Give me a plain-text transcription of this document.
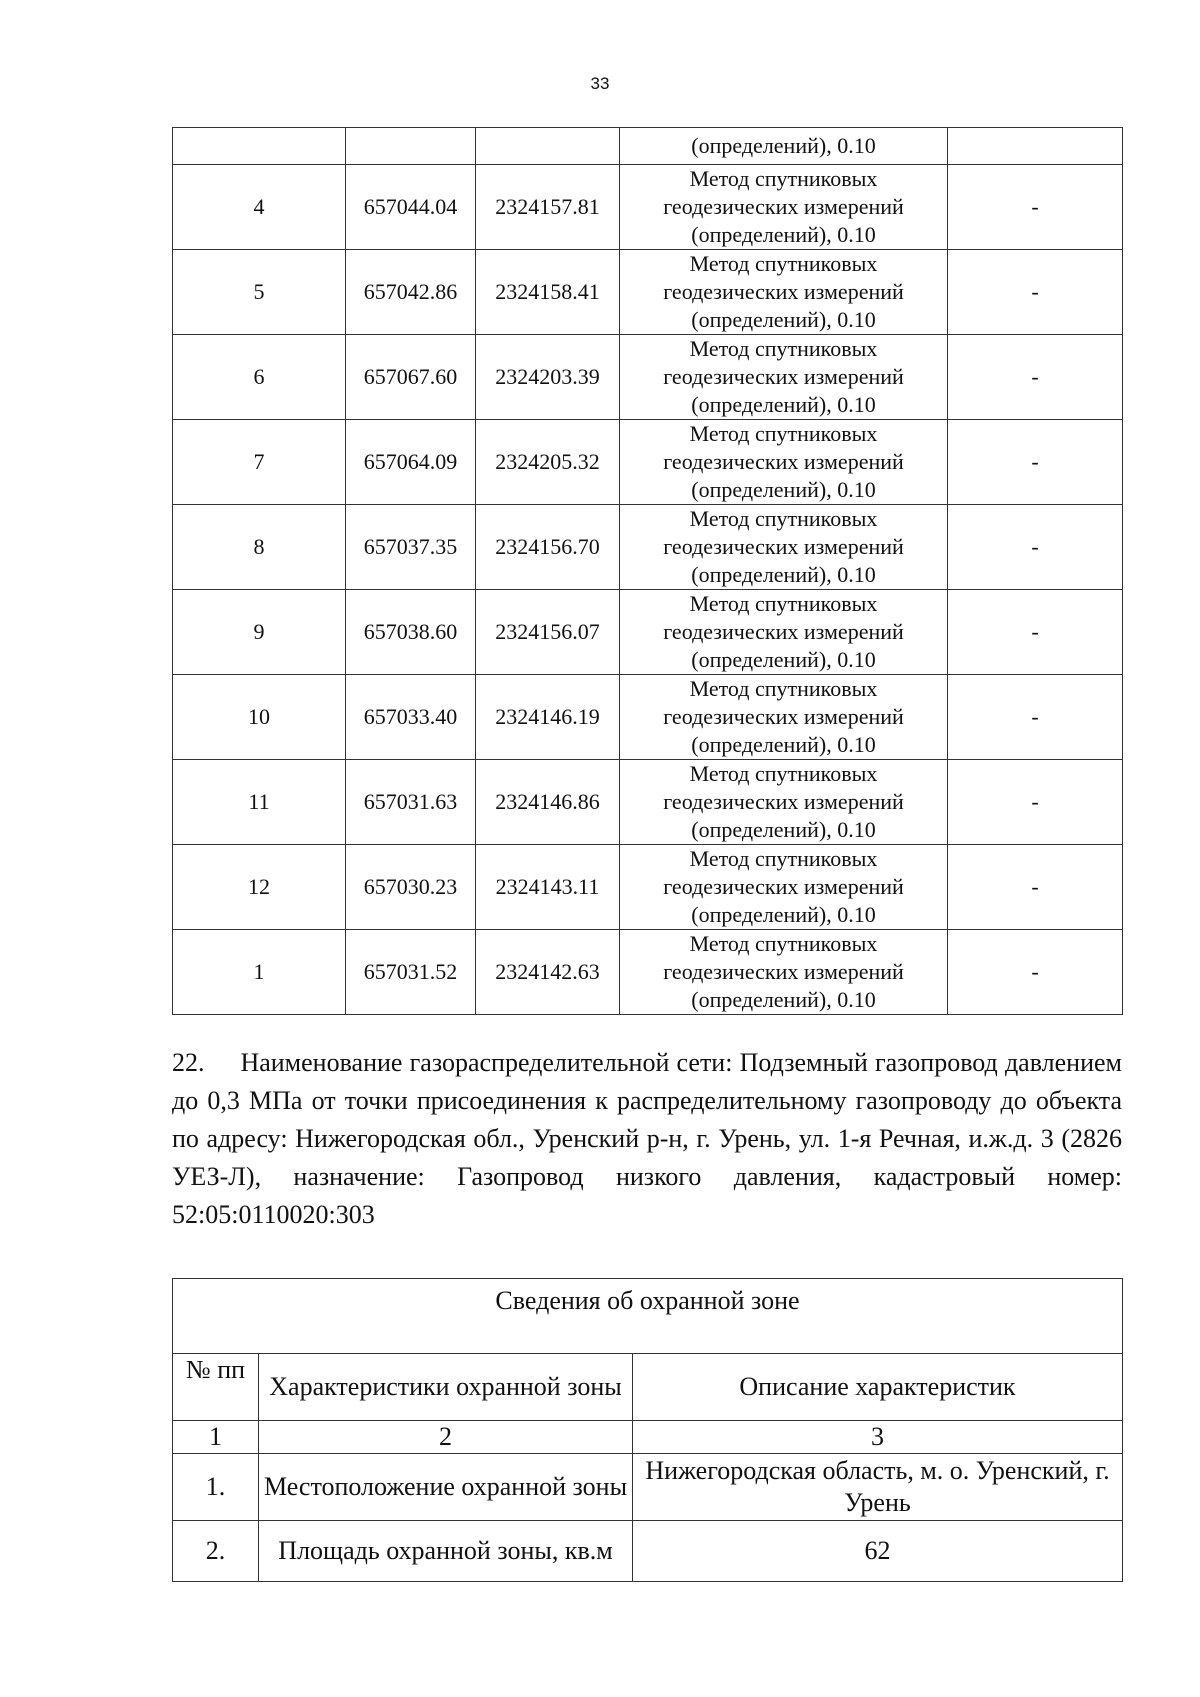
33
			(определений), 0.10	
4	657044.04	2324157.81	Метод спутниковых
геодезических измерений
(определений), 0.10	-
5	657042.86	2324158.41	Метод спутниковых
геодезических измерений
(определений), 0.10	-
6	657067.60	2324203.39	Метод спутниковых
геодезических измерений
(определений), 0.10	-
7	657064.09	2324205.32	Метод спутниковых
геодезических измерений
(определений), 0.10	-
8	657037.35	2324156.70	Метод спутниковых
геодезических измерений
(определений), 0.10	-
9	657038.60	2324156.07	Метод спутниковых
геодезических измерений
(определений), 0.10	-
10	657033.40	2324146.19	Метод спутниковых
геодезических измерений
(определений), 0.10	-
11	657031.63	2324146.86	Метод спутниковых
геодезических измерений
(определений), 0.10	-
12	657030.23	2324143.11	Метод спутниковых
геодезических измерений
(определений), 0.10	-
1	657031.52	2324142.63	Метод спутниковых
геодезических измерений
(определений), 0.10	-

22. Наименование газораспределительной сети: Подземный газопровод давлением до 0,3 МПа от точки присоединения к распределительному газопроводу до объекта по адресу: Нижегородская обл., Уренский р-н, г. Урень, ул. 1-я Речная, и.ж.д. 3 (2826 УЕЗ-Л), назначение: Газопровод низкого давления, кадастровый номер: 52:05:0110020:303

Сведения об охранной зоне		
№ пп	Характеристики охранной зоны	Описание характеристик
1	2	3
1.	Местоположение охранной зоны	Нижегородская область, м. о. Уренский, г. Урень
2.	Площадь охранной зоны, кв.м	62
